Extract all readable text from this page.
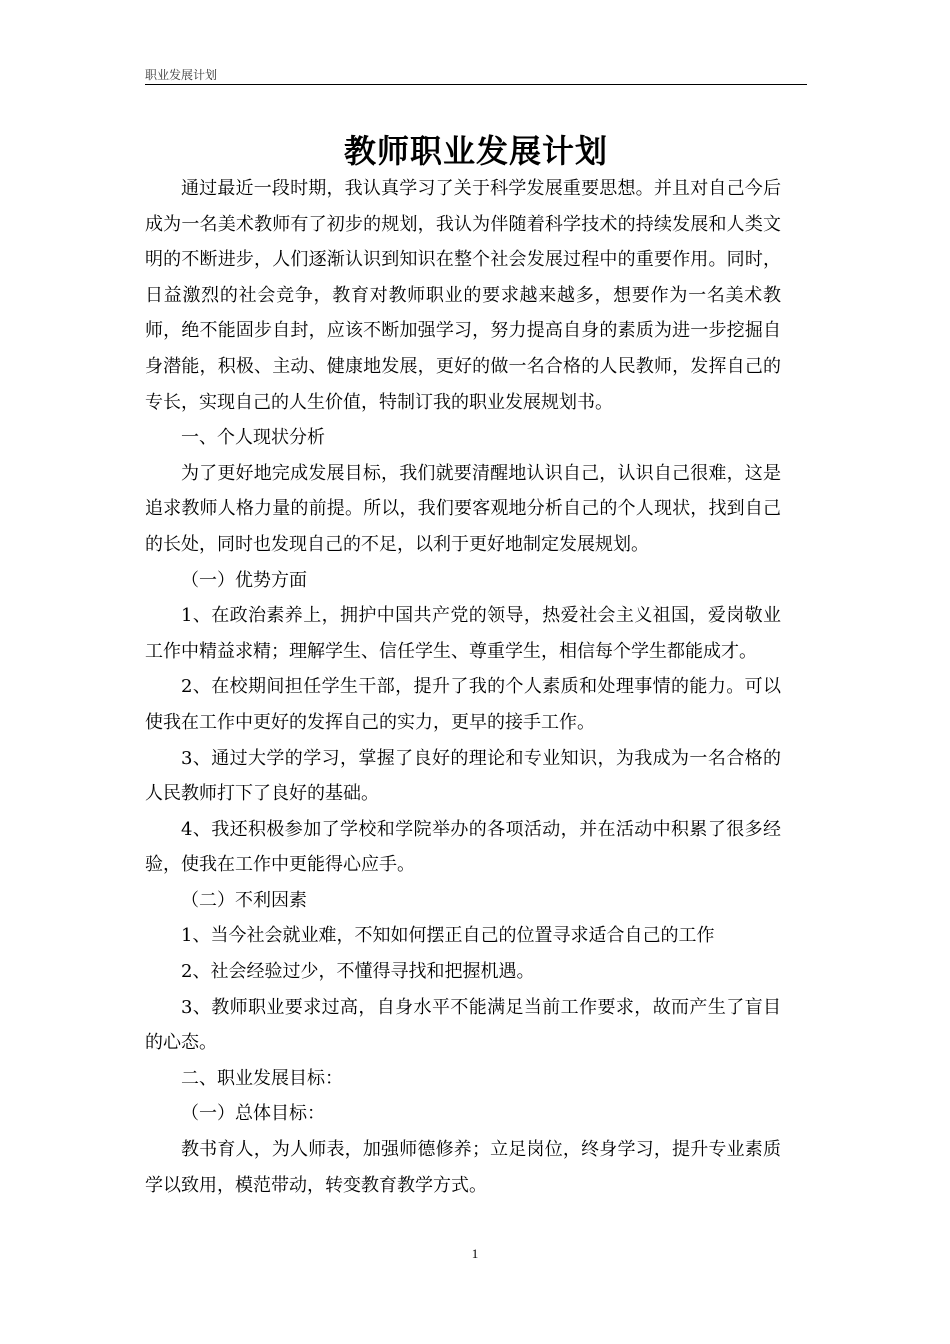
职业发展计划
教师职业发展计划

通过最近一段时期，我认真学习了关于科学发展重要思想。并且对自己今后成为一名美术教师有了初步的规划，我认为伴随着科学技术的持续发展和人类文明的不断进步，人们逐渐认识到知识在整个社会发展过程中的重要作用。同时，日益激烈的社会竞争，教育对教师职业的要求越来越多，想要作为一名美术教师，绝不能固步自封，应该不断加强学习，努力提高自身的素质为进一步挖掘自身潜能，积极、主动、健康地发展，更好的做一名合格的人民教师，发挥自己的专长，实现自己的人生价值，特制订我的职业发展规划书。

一、个人现状分析

为了更好地完成发展目标，我们就要清醒地认识自己，认识自己很难，这是追求教师人格力量的前提。所以，我们要客观地分析自己的个人现状，找到自己的长处，同时也发现自己的不足，以利于更好地制定发展规划。

（一）优势方面

1、在政治素养上，拥护中国共产党的领导，热爱社会主义祖国，爱岗敬业工作中精益求精；理解学生、信任学生、尊重学生，相信每个学生都能成才。

2、在校期间担任学生干部，提升了我的个人素质和处理事情的能力。可以使我在工作中更好的发挥自己的实力，更早的接手工作。

3、通过大学的学习，掌握了良好的理论和专业知识，为我成为一名合格的人民教师打下了良好的基础。

4、我还积极参加了学校和学院举办的各项活动，并在活动中积累了很多经验，使我在工作中更能得心应手。

（二）不利因素

1、当今社会就业难，不知如何摆正自己的位置寻求适合自己的工作

2、社会经验过少，不懂得寻找和把握机遇。

3、教师职业要求过高，自身水平不能满足当前工作要求，故而产生了盲目的心态。

二、职业发展目标：

（一）总体目标：

教书育人，为人师表，加强师德修养；立足岗位，终身学习，提升专业素质学以致用，模范带动，转变教育教学方式。

1
